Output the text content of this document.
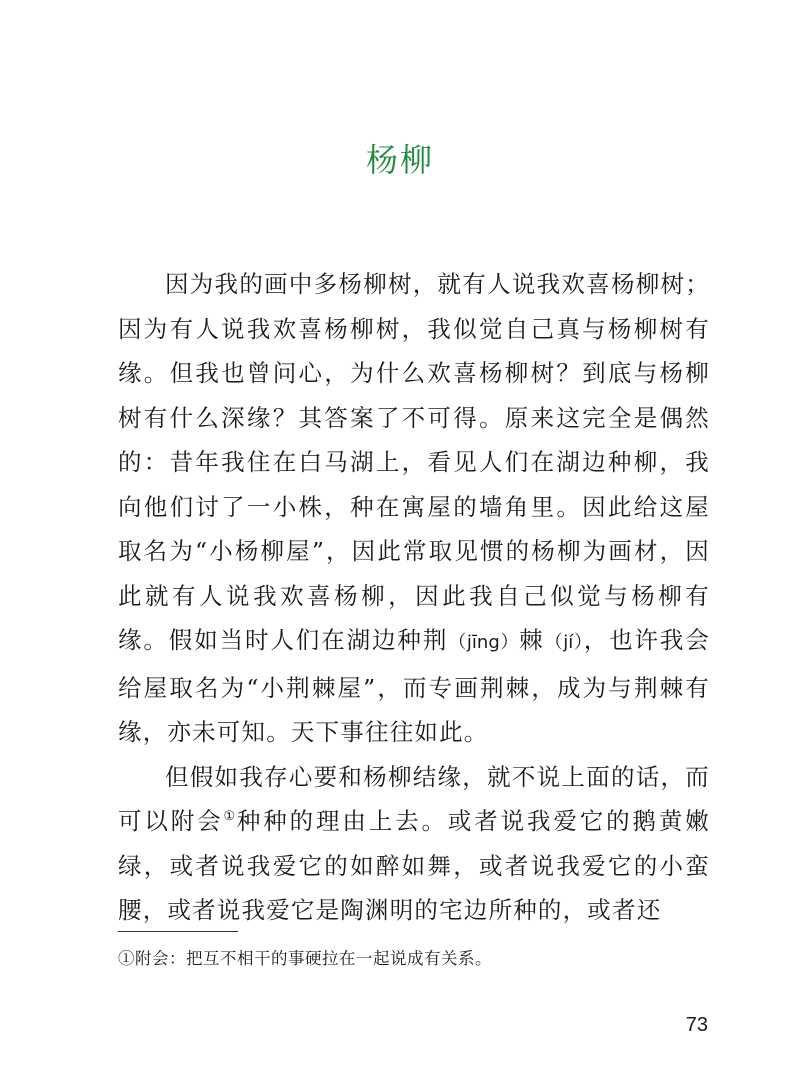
杨柳

因为我的画中多杨柳树，就有人说我欢喜杨柳树；因为有人说我欢喜杨柳树，我似觉自己真与杨柳树有缘。但我也曾问心，为什么欢喜杨柳树？到底与杨柳树有什么深缘？其答案了不可得。原来这完全是偶然的：昔年我住在白马湖上，看见人们在湖边种柳，我向他们讨了一小株，种在寓屋的墙角里。因此给这屋取名为“小杨柳屋”，因此常取见惯的杨柳为画材，因此就有人说我欢喜杨柳，因此我自己似觉与杨柳有缘。假如当时人们在湖边种荆（jīng）棘（jí），也许我会给屋取名为“小荆棘屋”，而专画荆棘，成为与荆棘有缘，亦未可知。天下事往往如此。

但假如我存心要和杨柳结缘，就不说上面的话，而可以附会①种种的理由上去。或者说我爱它的鹅黄嫩绿，或者说我爱它的如醉如舞，或者说我爱它的小蛮腰，或者说我爱它是陶渊明的宅边所种的，或者还

①附会：把互不相干的事硬拉在一起说成有关系。
73
